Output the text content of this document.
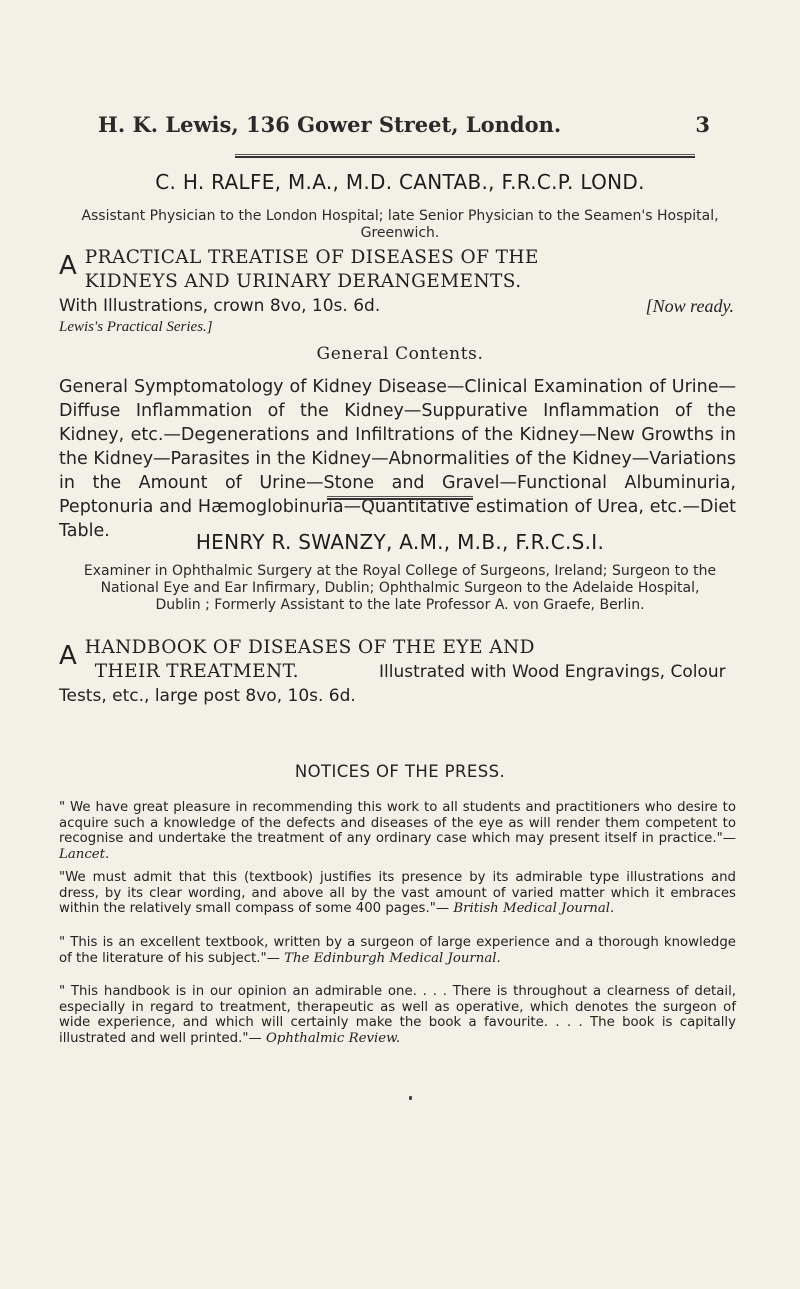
H. K. Lewis, 136 Gower Street, London.	3
C. H. RALFE, M.A., M.D. CANTAB., F.R.C.P. LOND.
Assistant Physician to the London Hospital; late Senior Physician to the Seamen's Hospital, Greenwich.
A PRACTICAL TREATISE OF DISEASES OF THE
KIDNEYS AND URINARY DERANGEMENTS.
With Illustrations, crown 8vo, 10s. 6d.	[Now ready.
Lewis's Practical Series.]
General Contents.
General Symptomatology of Kidney Disease—Clinical Examination of Urine—Diffuse Inflammation of the Kidney—Suppurative Inflammation of the Kidney, etc.—Degenerations and Infiltrations of the Kidney—New Growths in the Kidney—Parasites in the Kidney—Abnormalities of the Kidney—Variations in the Amount of Urine—Stone and Gravel—Functional Albuminuria, Peptonuria and Hæmoglobinuria—Quantitative estimation of Urea, etc.—Diet Table.	HENRY R. SWANZY, A.M., M.B., F.R.C.S.I.
Examiner in Ophthalmic Surgery at the Royal College of Surgeons, Ireland; Surgeon to the National Eye and Ear Infirmary, Dublin; Ophthalmic Surgeon to the Adelaide Hospital, Dublin ; Formerly Assistant to the late Professor A. von Graefe, Berlin.
A HANDBOOK OF DISEASES OF THE EYE AND
THEIR TREATMENT.	Illustrated with Wood Engravings, Colour Tests, etc., large post 8vo, 10s. 6d.
NOTICES OF THE PRESS.
" We have great pleasure in recommending this work to all students and practitioners who desire to acquire such a knowledge of the defects and diseases of the eye as will render them competent to recognise and undertake the treatment of any ordinary case which may present itself in practice."— Lancet.
"We must admit that this (textbook) justifies its presence by its admirable type illustrations and dress, by its clear wording, and above all by the vast amount of varied matter which it embraces within the relatively small compass of some 400 pages."— British Medical Journal.
" This is an excellent textbook, written by a surgeon of large experience and a thorough knowledge of the literature of his subject."— The Edinburgh Medical Journal.
" This handbook is in our opinion an admirable one. . . . There is throughout a clearness of detail, especially in regard to treatment, therapeutic as well as operative, which denotes the surgeon of wide experience, and which will certainly make the book a favourite. . . . The book is capitally illustrated and well printed."— Ophthalmic Review.
